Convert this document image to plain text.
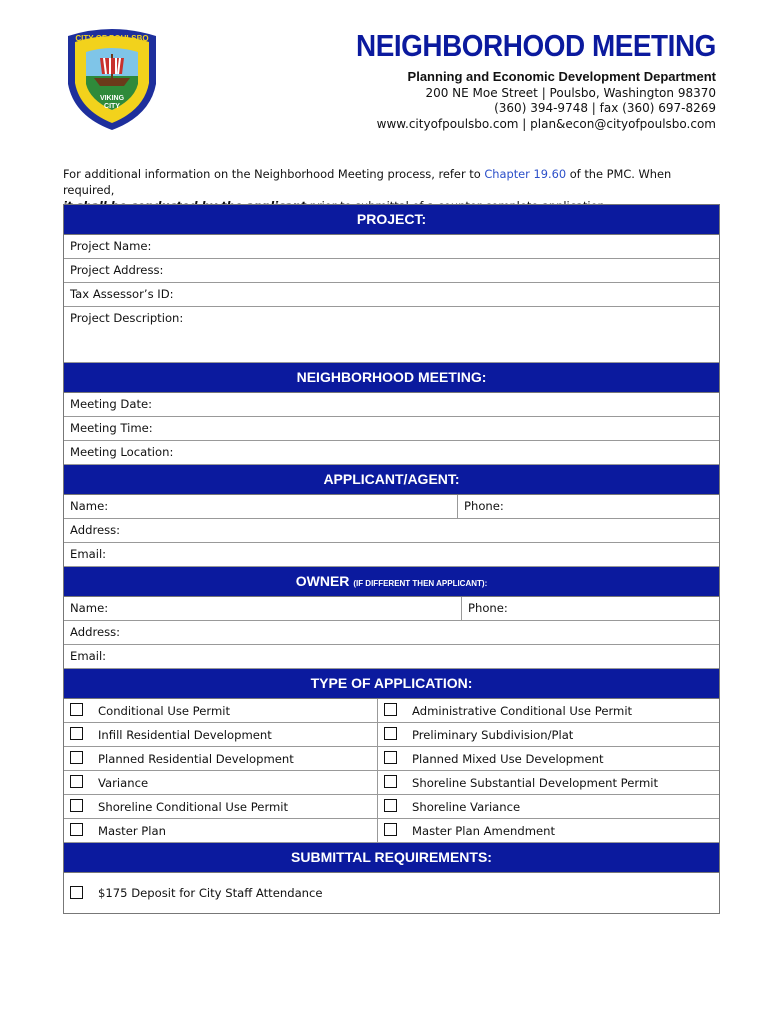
CITY OF POULSBO
VIKING
CITY
NEIGHBORHOOD MEETING
Planning and Economic Development Department
200 NE Moe Street | Poulsbo, Washington 98370
(360) 394-9748 | fax (360) 697-8269
www.cityofpoulsbo.com | plan&econ@cityofpoulsbo.com
For additional information on the Neighborhood Meeting process, refer to Chapter 19.60 of the PMC. When required,

PROJECT:
Project Name:
Project Address:
Tax Assessor’s ID:
Project Description:
NEIGHBORHOOD MEETING:
Meeting Date:
Meeting Time:
Meeting Location:
APPLICANT/AGENT:
Name:	Phone:
Address:
Email:
OWNER (IF DIFFERENT THEN APPLICANT):
Name:	Phone:
Address:
Email:
TYPE OF APPLICATION:
Conditional Use Permit	Administrative Conditional Use Permit
Infill Residential Development	Preliminary Subdivision/Plat
Planned Residential Development	Planned Mixed Use Development
Variance	Shoreline Substantial Development Permit
Shoreline Conditional Use Permit	Shoreline Variance
Master Plan	Master Plan Amendment
SUBMITTAL REQUIREMENTS:
$175 Deposit for City Staff Attendance
